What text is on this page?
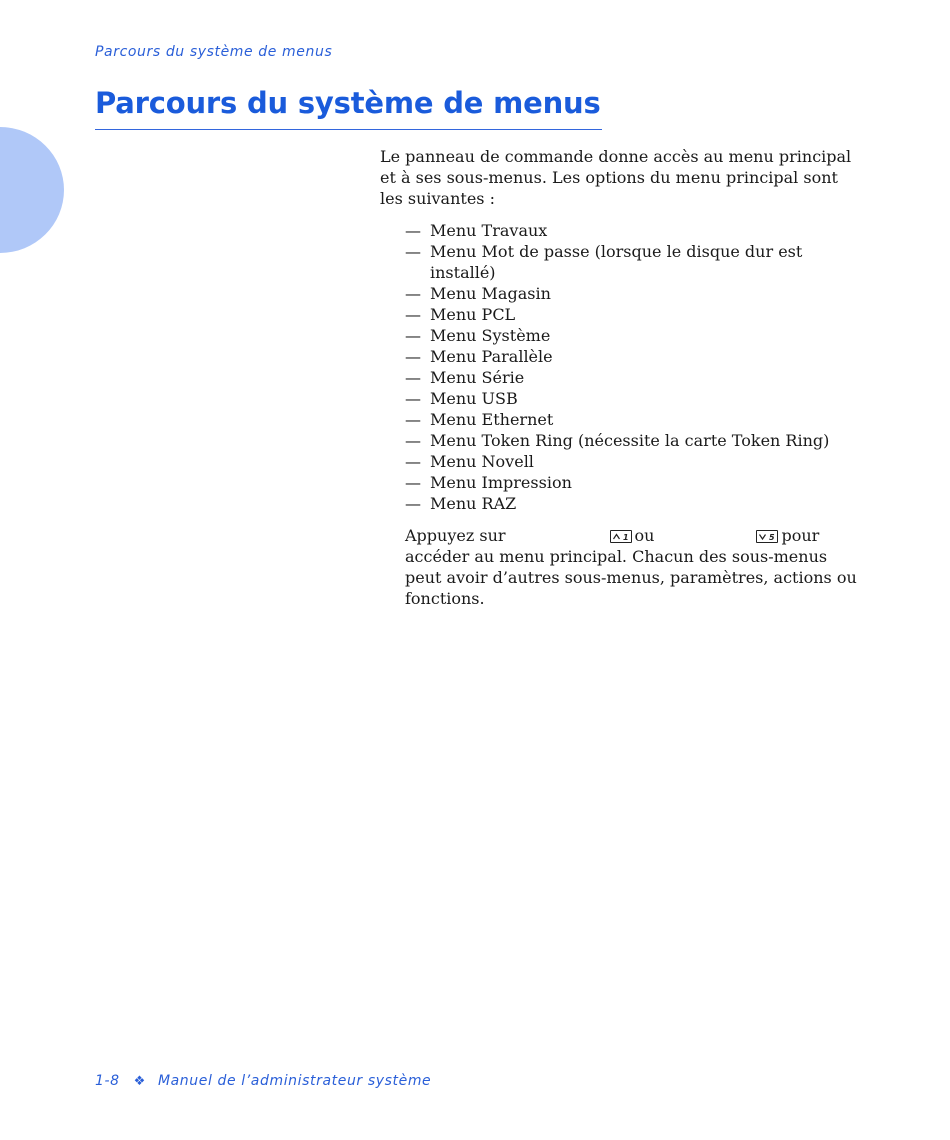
Parcours du système de menus
Parcours du système de menus

Le panneau de commande donne accès au menu principal et à ses sous-menus. Les options du menu principal sont les suivantes :

— Menu Travaux
— Menu Mot de passe (lorsque le disque dur est installé)
— Menu Magasin
— Menu PCL
— Menu Système
— Menu Parallèle
— Menu Série
— Menu USB
— Menu Ethernet
— Menu Token Ring (nécessite la carte Token Ring)
— Menu Novell
— Menu Impression
— Menu RAZ

Appuyez sur	1 ou	5 pour accéder au menu principal. Chacun des sous-menus peut avoir d’autres sous-menus, paramètres, actions ou fonctions.

1-8 ❖ Manuel de l’administrateur système
